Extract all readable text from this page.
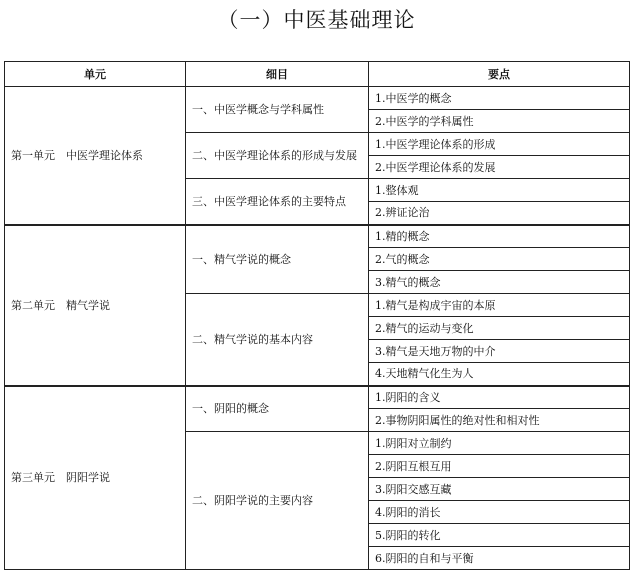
（一）中医基础理论
单元	细目	要点
第一单元　中医学理论体系	一、中医学概念与学科属性	1.中医学的概念
		2.中医学的学科属性
	二、中医学理论体系的形成与发展	1.中医学理论体系的形成
		2.中医学理论体系的发展
	三、中医学理论体系的主要特点	1.整体观
		2.辨证论治
第二单元　精气学说	一、精气学说的概念	1.精的概念
		2.气的概念
		3.精气的概念
	二、精气学说的基本内容	1.精气是构成宇宙的本原
		2.精气的运动与变化
		3.精气是天地万物的中介
		4.天地精气化生为人
第三单元　阴阳学说	一、阴阳的概念	1.阴阳的含义
		2.事物阴阳属性的绝对性和相对性
	二、阴阳学说的主要内容	1.阴阳对立制约
		2.阴阳互根互用
		3.阴阳交感互藏
		4.阴阳的消长
		5.阴阳的转化
		6.阴阳的自和与平衡
